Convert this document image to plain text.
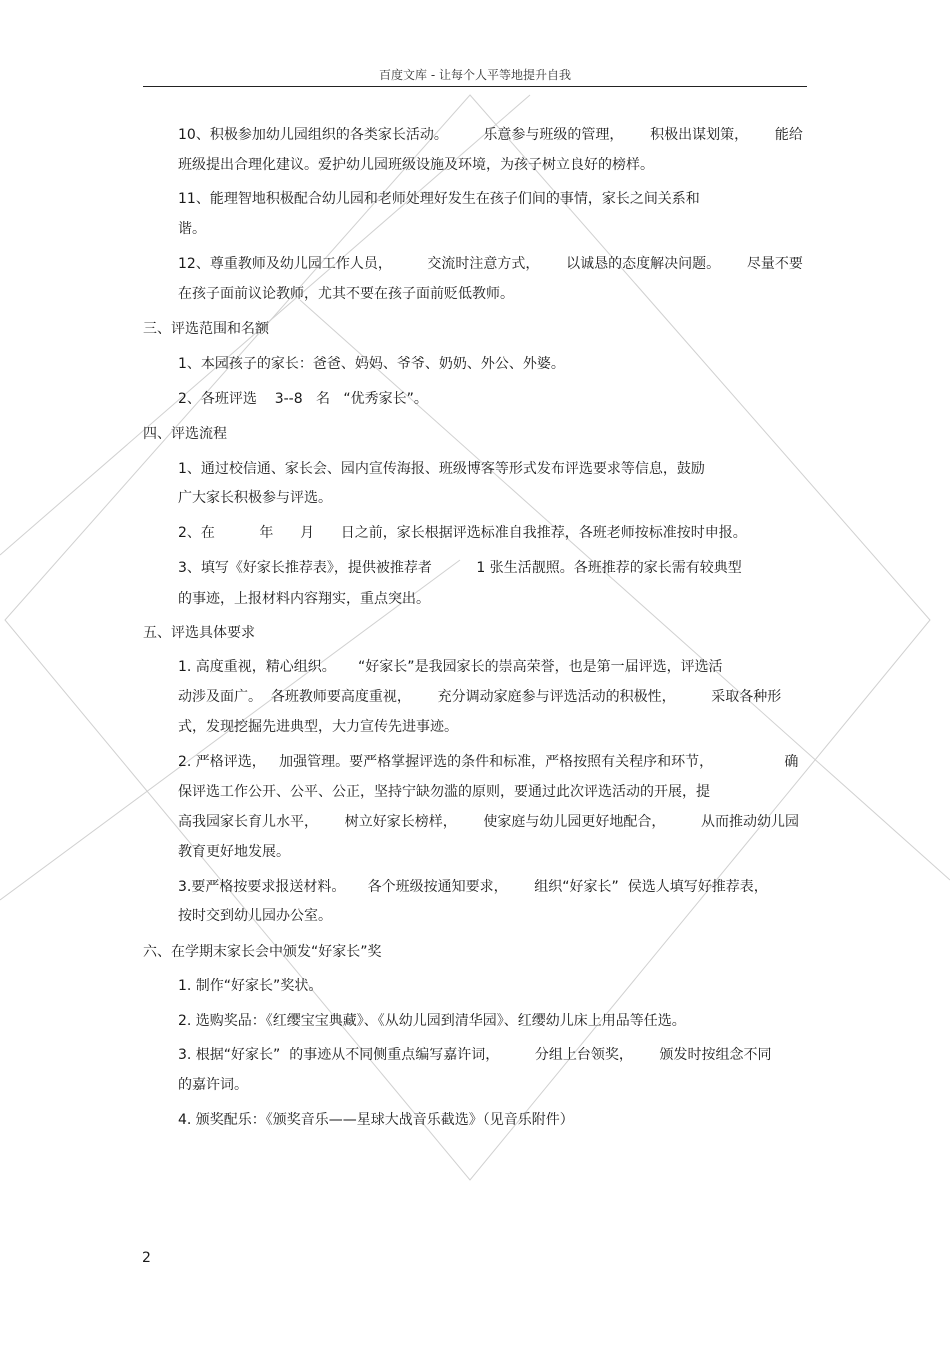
百度文库 - 让每个人平等地提升自我
10、积极参加幼儿园组织的各类家长活动。        乐意参与班级的管理，      积极出谋划策，      能给
班级提出合理化建议。爱护幼儿园班级设施及环境，为孩子树立良好的榜样。
11、能理智地积极配合幼儿园和老师处理好发生在孩子们间的事情，家长之间关系和
谐。
12、尊重教师及幼儿园工作人员，        交流时注意方式，      以诚恳的态度解决问题。      尽量不要
在孩子面前议论教师，尤其不要在孩子面前贬低教师。
三、评选范围和名额
1、本园孩子的家长：爸爸、妈妈、爷爷、奶奶、外公、外婆。
2、各班评选    3--8   名   “优秀家长”。
四、评选流程
1、通过校信通、家长会、园内宣传海报、班级博客等形式发布评选要求等信息，鼓励
广大家长积极参与评选。
2、在          年      月      日之前，家长根据评选标准自我推荐，各班老师按标准按时申报。
3、填写《好家长推荐表》，提供被推荐者          1 张生活靓照。各班推荐的家长需有较典型
的事迹，上报材料内容翔实，重点突出。
五、评选具体要求
1. 高度重视，精心组织。     “好家长”是我园家长的崇高荣誉，也是第一届评选，评选活
动涉及面广。  各班教师要高度重视，      充分调动家庭参与评选活动的积极性，        采取各种形
式，发现挖掘先进典型，大力宣传先进事迹。
2. 严格评选，   加强管理。要严格掌握评选的条件和标准，严格按照有关程序和环节，                确
保评选工作公开、公平、公正，坚持宁缺勿滥的原则，要通过此次评选活动的开展，提
高我园家长育儿水平，      树立好家长榜样，      使家庭与幼儿园更好地配合，        从而推动幼儿园
教育更好地发展。
3.要严格按要求报送材料。     各个班级按通知要求，      组织“好家长”  侯选人填写好推荐表，
按时交到幼儿园办公室。
六、在学期末家长会中颁发“好家长”奖
1. 制作“好家长”奖状。
2. 选购奖品：《红缨宝宝典藏》、《从幼儿园到清华园》、红缨幼儿床上用品等任选。
3. 根据“好家长”  的事迹从不同侧重点编写嘉许词，        分组上台领奖，      颁发时按组念不同
的嘉许词。
4. 颁奖配乐：《颁奖音乐——星球大战音乐截选》（见音乐附件）
2
